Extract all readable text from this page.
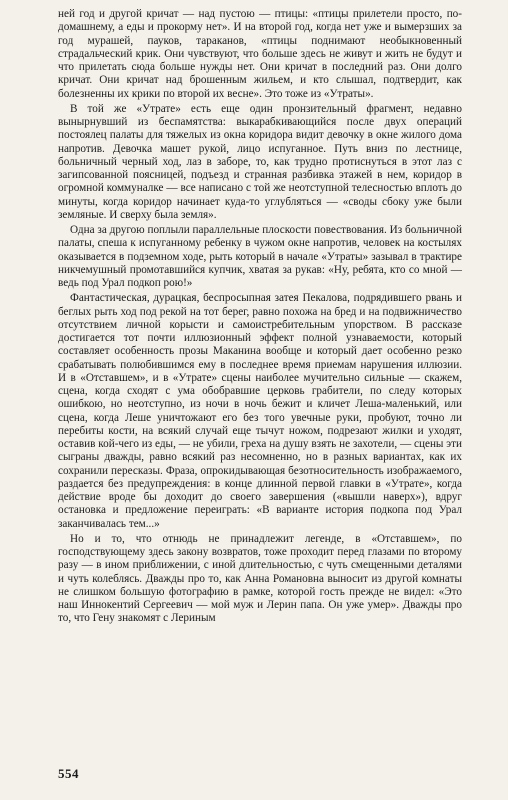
ней год и другой кричат — над пустою — птицы: «птицы прилетели просто, по-домашнему, а еды и прокорму нет». И на второй год, когда нет уже и вымерзших за год мурашей, пауков, тараканов, «птицы поднимают необыкновенный страдальческий крик. Они чувствуют, что больше здесь не живут и жить не будут и что прилетать сюда больше нужды нет. Они кричат в последний раз. Они долго кричат. Они кричат над брошенным жильем, и кто слышал, подтвердит, как болезненны их крики по второй их весне». Это тоже из «Утраты».

В той же «Утрате» есть еще один пронзительный фрагмент, недавно вынырнувший из беспамятства: выкарабкивающийся после двух операций постоялец палаты для тяжелых из окна коридора видит девочку в окне жилого дома напротив. Девочка машет рукой, лицо испуганное. Путь вниз по лестнице, больничный черный ход, лаз в заборе, то, как трудно протиснуться в этот лаз с загипсованной поясницей, подъезд и странная разбивка этажей в нем, коридор в огромной коммуналке — все написано с той же неотступной телесностью вплоть до минуты, когда коридор начинает куда-то углубляться — «своды сбоку уже были земляные. И сверху была земля».

Одна за другою поплыли параллельные плоскости повествования. Из больничной палаты, спеша к испуганному ребенку в чужом окне напротив, человек на костылях оказывается в подземном ходе, рыть который в начале «Утраты» зазывал в трактире никчемушный промотавшийся купчик, хватая за рукав: «Ну, ребята, кто со мной — ведь под Урал подкоп рою!»

Фантастическая, дурацкая, беспросыпная затея Пекалова, подрядившего рвань и беглых рыть ход под рекой на тот берег, равно похожа на бред и на подвижничество отсутствием личной корысти и самоистребительным упорством. В рассказе достигается тот почти иллюзионный эффект полной узнаваемости, который составляет особенность прозы Маканина вообще и который дает особенно резко срабатывать полюбившимся ему в последнее время приемам нарушения иллюзии. И в «Отставшем», и в «Утрате» сцены наиболее мучительно сильные — скажем, сцена, когда сходят с ума обобравшие церковь грабители, по следу которых ошибкою, но неотступно, из ночи в ночь бежит и кличет Леша-маленький, или сцена, когда Леше уничтожают его без того увечные руки, пробуют, точно ли перебиты кости, на всякий случай еще тычут ножом, подрезают жилки и уходят, оставив кой-чего из еды, — не убили, греха на душу взять не захотели, — сцены эти сыграны дважды, равно всякий раз несомненно, но в разных вариантах, как их сохранили пересказы. Фраза, опрокидывающая безотносительность изображаемого, раздается без предупреждения: в конце длинной первой главки в «Утрате», когда действие вроде бы доходит до своего завершения («вышли наверх»), вдруг остановка и предложение переиграть: «В варианте история подкопа под Урал заканчивалась тем...»

Но и то, что отнюдь не принадлежит легенде, в «Отставшем», по господствующему здесь закону возвратов, тоже проходит перед глазами по второму разу — в ином приближении, с иной длительностью, с чуть смещенными деталями и чуть колеблясь. Дважды про то, как Анна Романовна выносит из другой комнаты не слишком большую фотографию в рамке, которой гость прежде не видел: «Это наш Иннокентий Сергеевич — мой муж и Лерин папа. Он уже умер». Дважды про то, что Гену знакомят с Лериным

554
